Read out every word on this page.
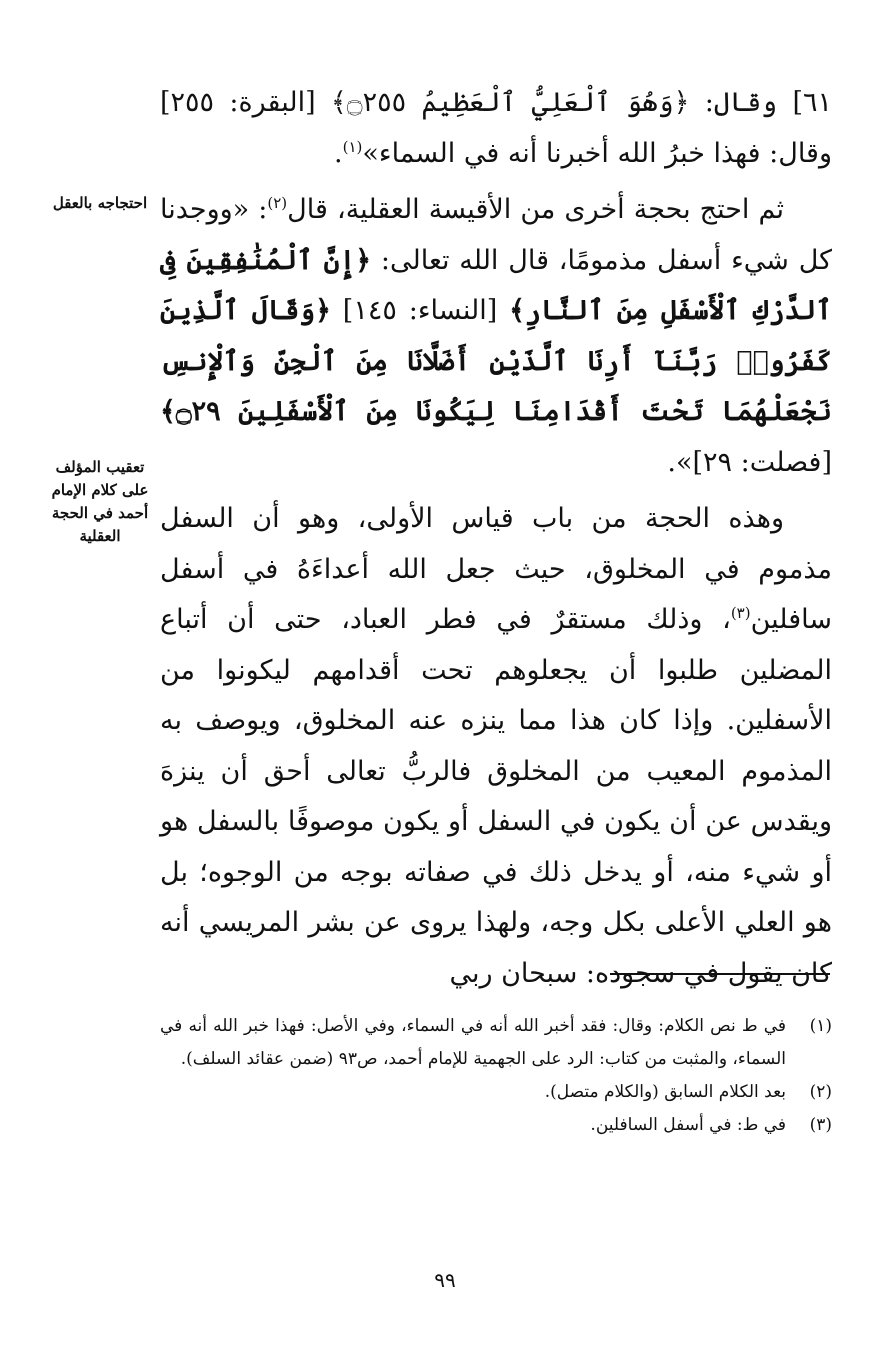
٦١] وقال: ﴿وَهُوَ ٱلْعَلِيُّ ٱلْعَظِيمُ ۝٢٥٥﴾ [البقرة: ٢٥٥] وقال: فهذا خبرُ الله أخبرنا أنه في السماء»$^{(١)}$.

ثم احتج بحجة أخرى من الأقيسة العقلية، قال$^{(٢)}$: «ووجدنا كل شيء أسفل مذمومًا، قال الله تعالى: ﴿إِنَّ ٱلْمُنَٰفِقِينَ فِى ٱلدَّرْكِ ٱلْأَسْفَلِ مِنَ ٱلنَّارِ﴾ [النساء: ١٤٥] ﴿وَقَالَ ٱلَّذِينَ كَفَرُوا۟ رَبَّنَآ أَرِنَا ٱلَّذَيْنِ أَضَلَّانَا مِنَ ٱلْجِنِّ وَٱلْإِنسِ نَجْعَلْهُمَا تَحْتَ أَقْدَامِنَا لِيَكُونَا مِنَ ٱلْأَسْفَلِينَ ۝٢٩﴾ [فصلت: ٢٩]».

وهذه الحجة من باب قياس الأولى، وهو أن السفل مذموم في المخلوق، حيث جعل الله أعداءَهُ في أسفل سافلين$^{(٣)}$، وذلك مستقرٌ في فطر العباد، حتى أن أتباع المضلين طلبوا أن يجعلوهم تحت أقدامهم ليكونوا من الأسفلين. وإذا كان هذا مما ينزه عنه المخلوق، ويوصف به المذموم المعيب من المخلوق فالربُّ تعالى أحق أن ينزهَ ويقدس عن أن يكون في السفل أو يكون موصوفًا بالسفل هو أو شيء منه، أو يدخل ذلك في صفاته بوجه من الوجوه؛ بل هو العلي الأعلى بكل وجه، ولهذا يروى عن بشر المريسي أنه كان يقول في سجوده: سبحان ربي

احتجاجه بالعقل
تعقيب المؤلف على كلام الإمام أحمد في الحجة العقلية
(١)
في ط نص الكلام: وقال: فقد أخبر الله أنه في السماء، وفي الأصل: فهذا خبر الله أنه في السماء، والمثبت من كتاب: الرد على الجهمية للإمام أحمد، ص٩٣ (ضمن عقائد السلف).
(٢)
بعد الكلام السابق (والكلام متصل).
(٣)
في ط: في أسفل السافلين.
٩٩
